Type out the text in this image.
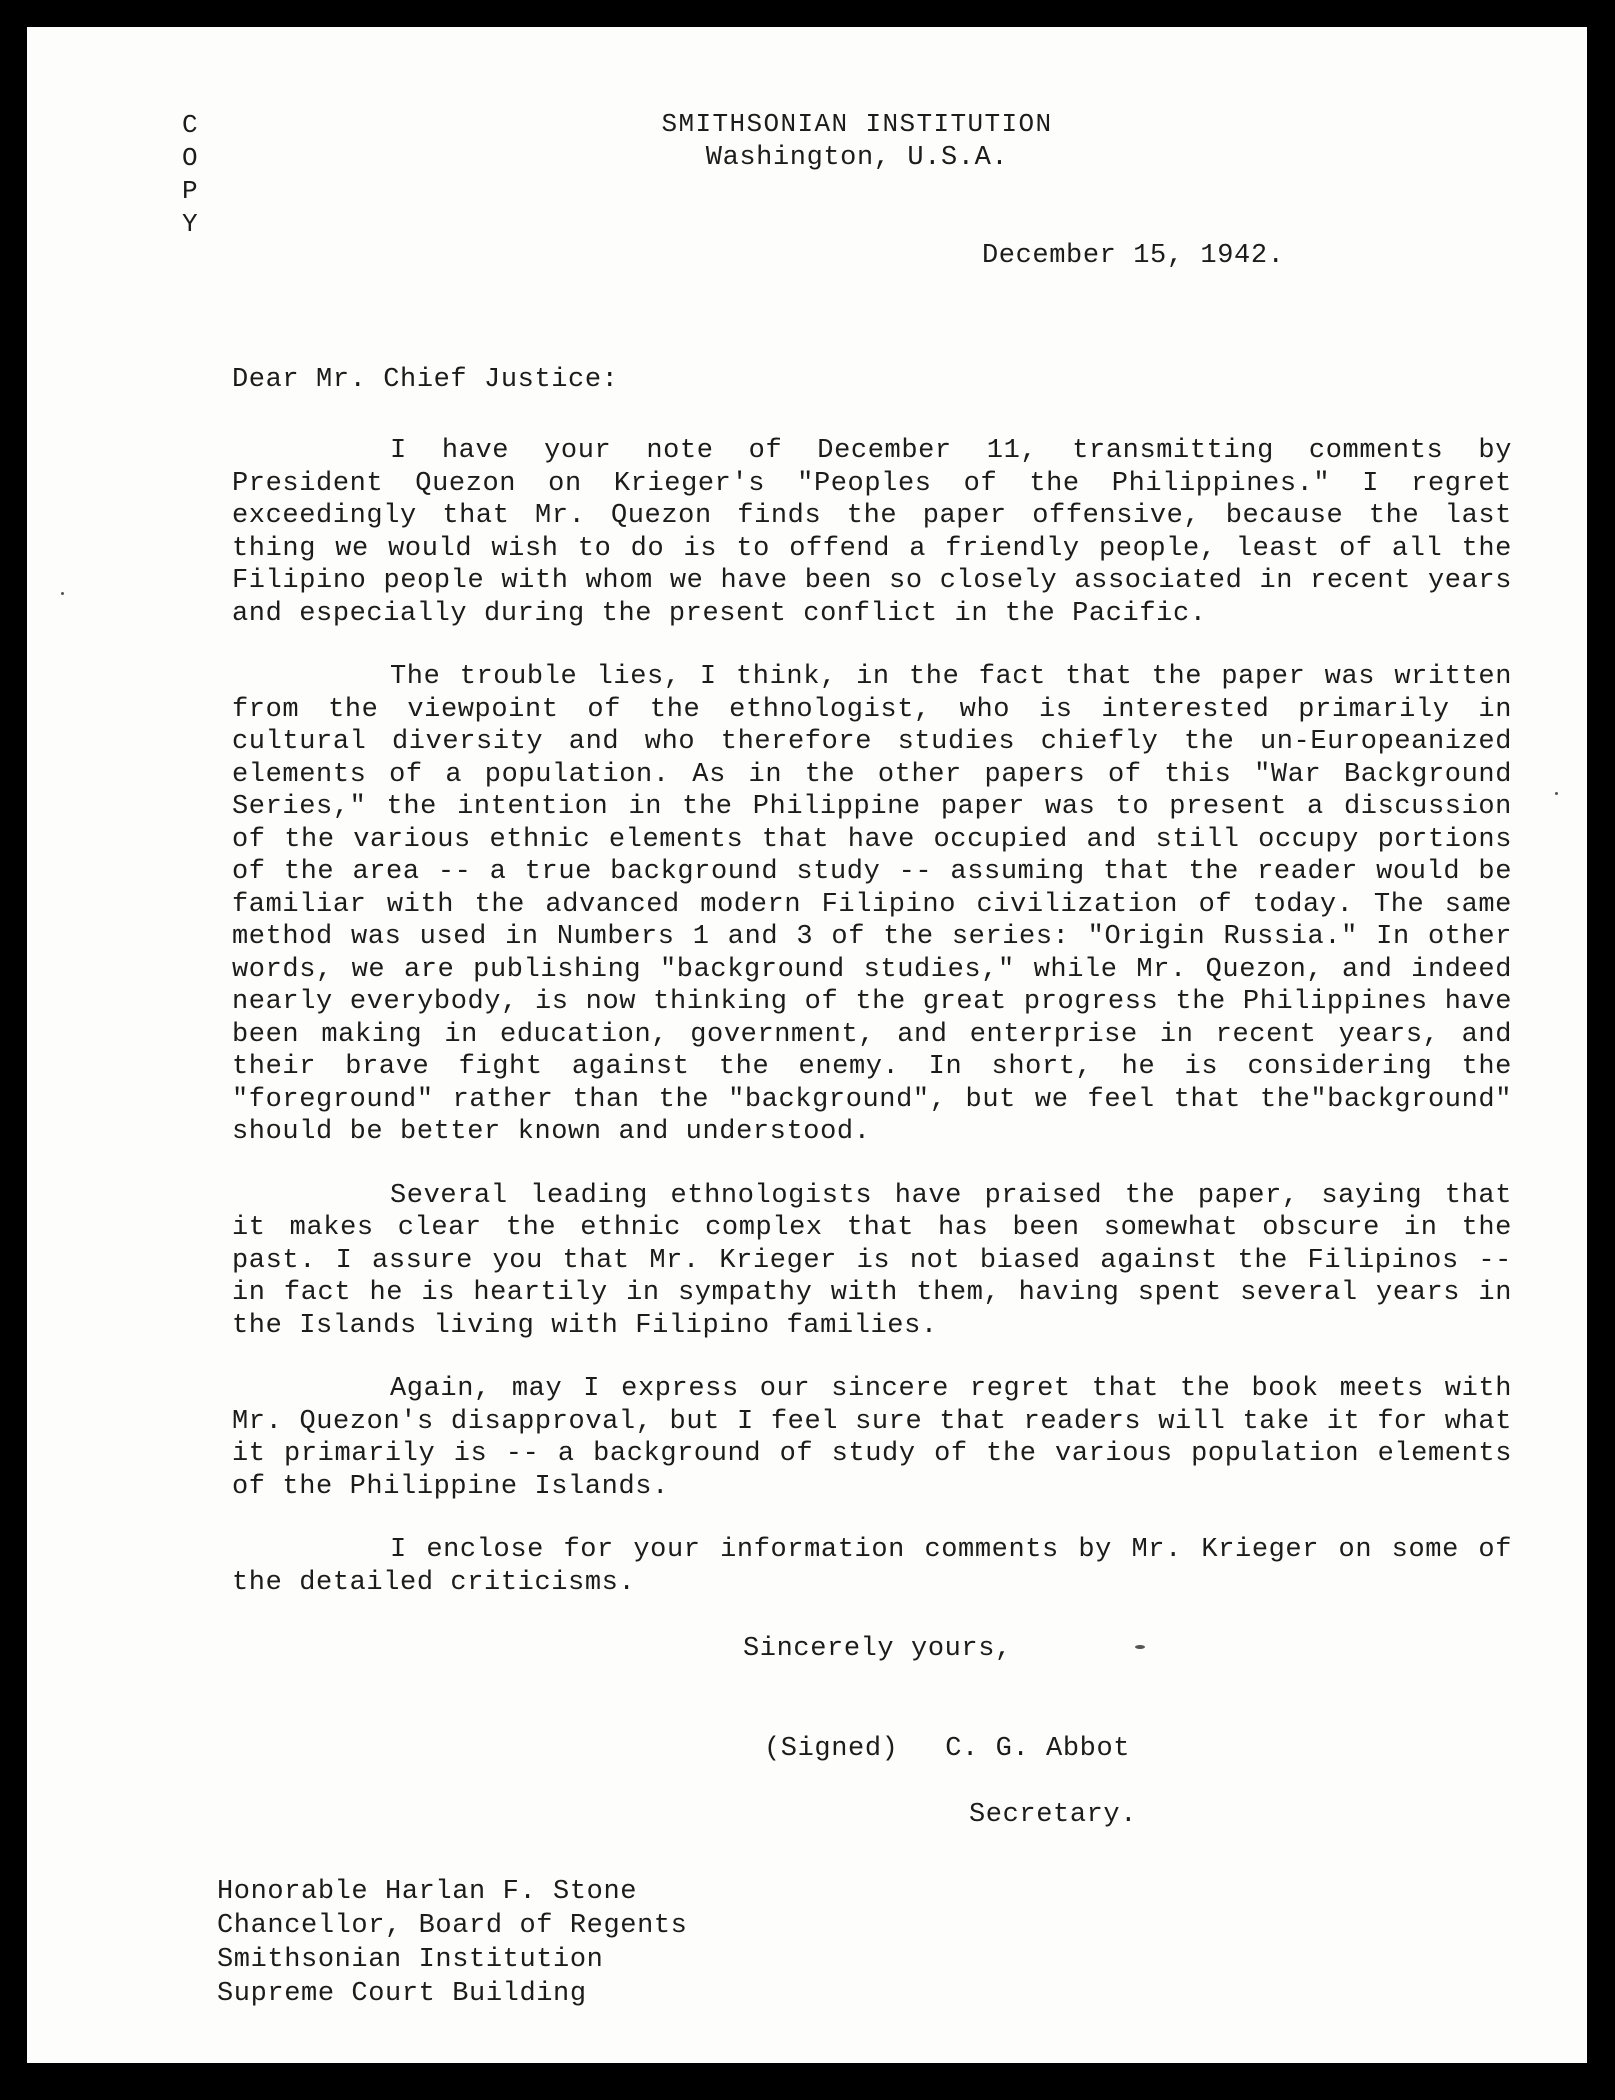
C
O
P
Y
SMITHSONIAN INSTITUTION
Washington, U.S.A.
December 15, 1942.
Dear Mr. Chief Justice:

I have your note of December 11, transmitting comments by President Quezon on Krieger's "Peoples of the Philippines." I regret exceedingly that Mr. Quezon finds the paper offensive, because the last thing we would wish to do is to offend a friendly people, least of all the Filipino people with whom we have been so closely associated in recent years and especially during the present conflict in the Pacific.

The trouble lies, I think, in the fact that the paper was written from the viewpoint of the ethnologist, who is interested primarily in cultural diversity and who therefore studies chiefly the un-Europeanized elements of a population. As in the other papers of this "War Background Series," the intention in the Philippine paper was to present a discussion of the various ethnic elements that have occupied and still occupy portions of the area -- a true background study -- assuming that the reader would be familiar with the advanced modern Filipino civilization of today. The same method was used in Numbers 1 and 3 of the series: "Origin Russia." In other words, we are publishing "background studies," while Mr. Quezon, and indeed nearly everybody, is now thinking of the great progress the Philippines have been making in education, government, and enterprise in recent years, and their brave fight against the enemy. In short, he is considering the "foreground" rather than the "background", but we feel that the"background" should be better known and understood.

Several leading ethnologists have praised the paper, saying that it makes clear the ethnic complex that has been somewhat obscure in the past. I assure you that Mr. Krieger is not biased against the Filipinos -- in fact he is heartily in sympathy with them, having spent several years in the Islands living with Filipino families.

Again, may I express our sincere regret that the book meets with Mr. Quezon's disapproval, but I feel sure that readers will take it for what it primarily is -- a background of study of the various population elements of the Philippine Islands.

I enclose for your information comments by Mr. Krieger on some of the detailed criticisms.

Sincerely yours,
(Signed) C. G. Abbot
Secretary.
Honorable Harlan F. Stone
Chancellor, Board of Regents
Smithsonian Institution
Supreme Court Building
